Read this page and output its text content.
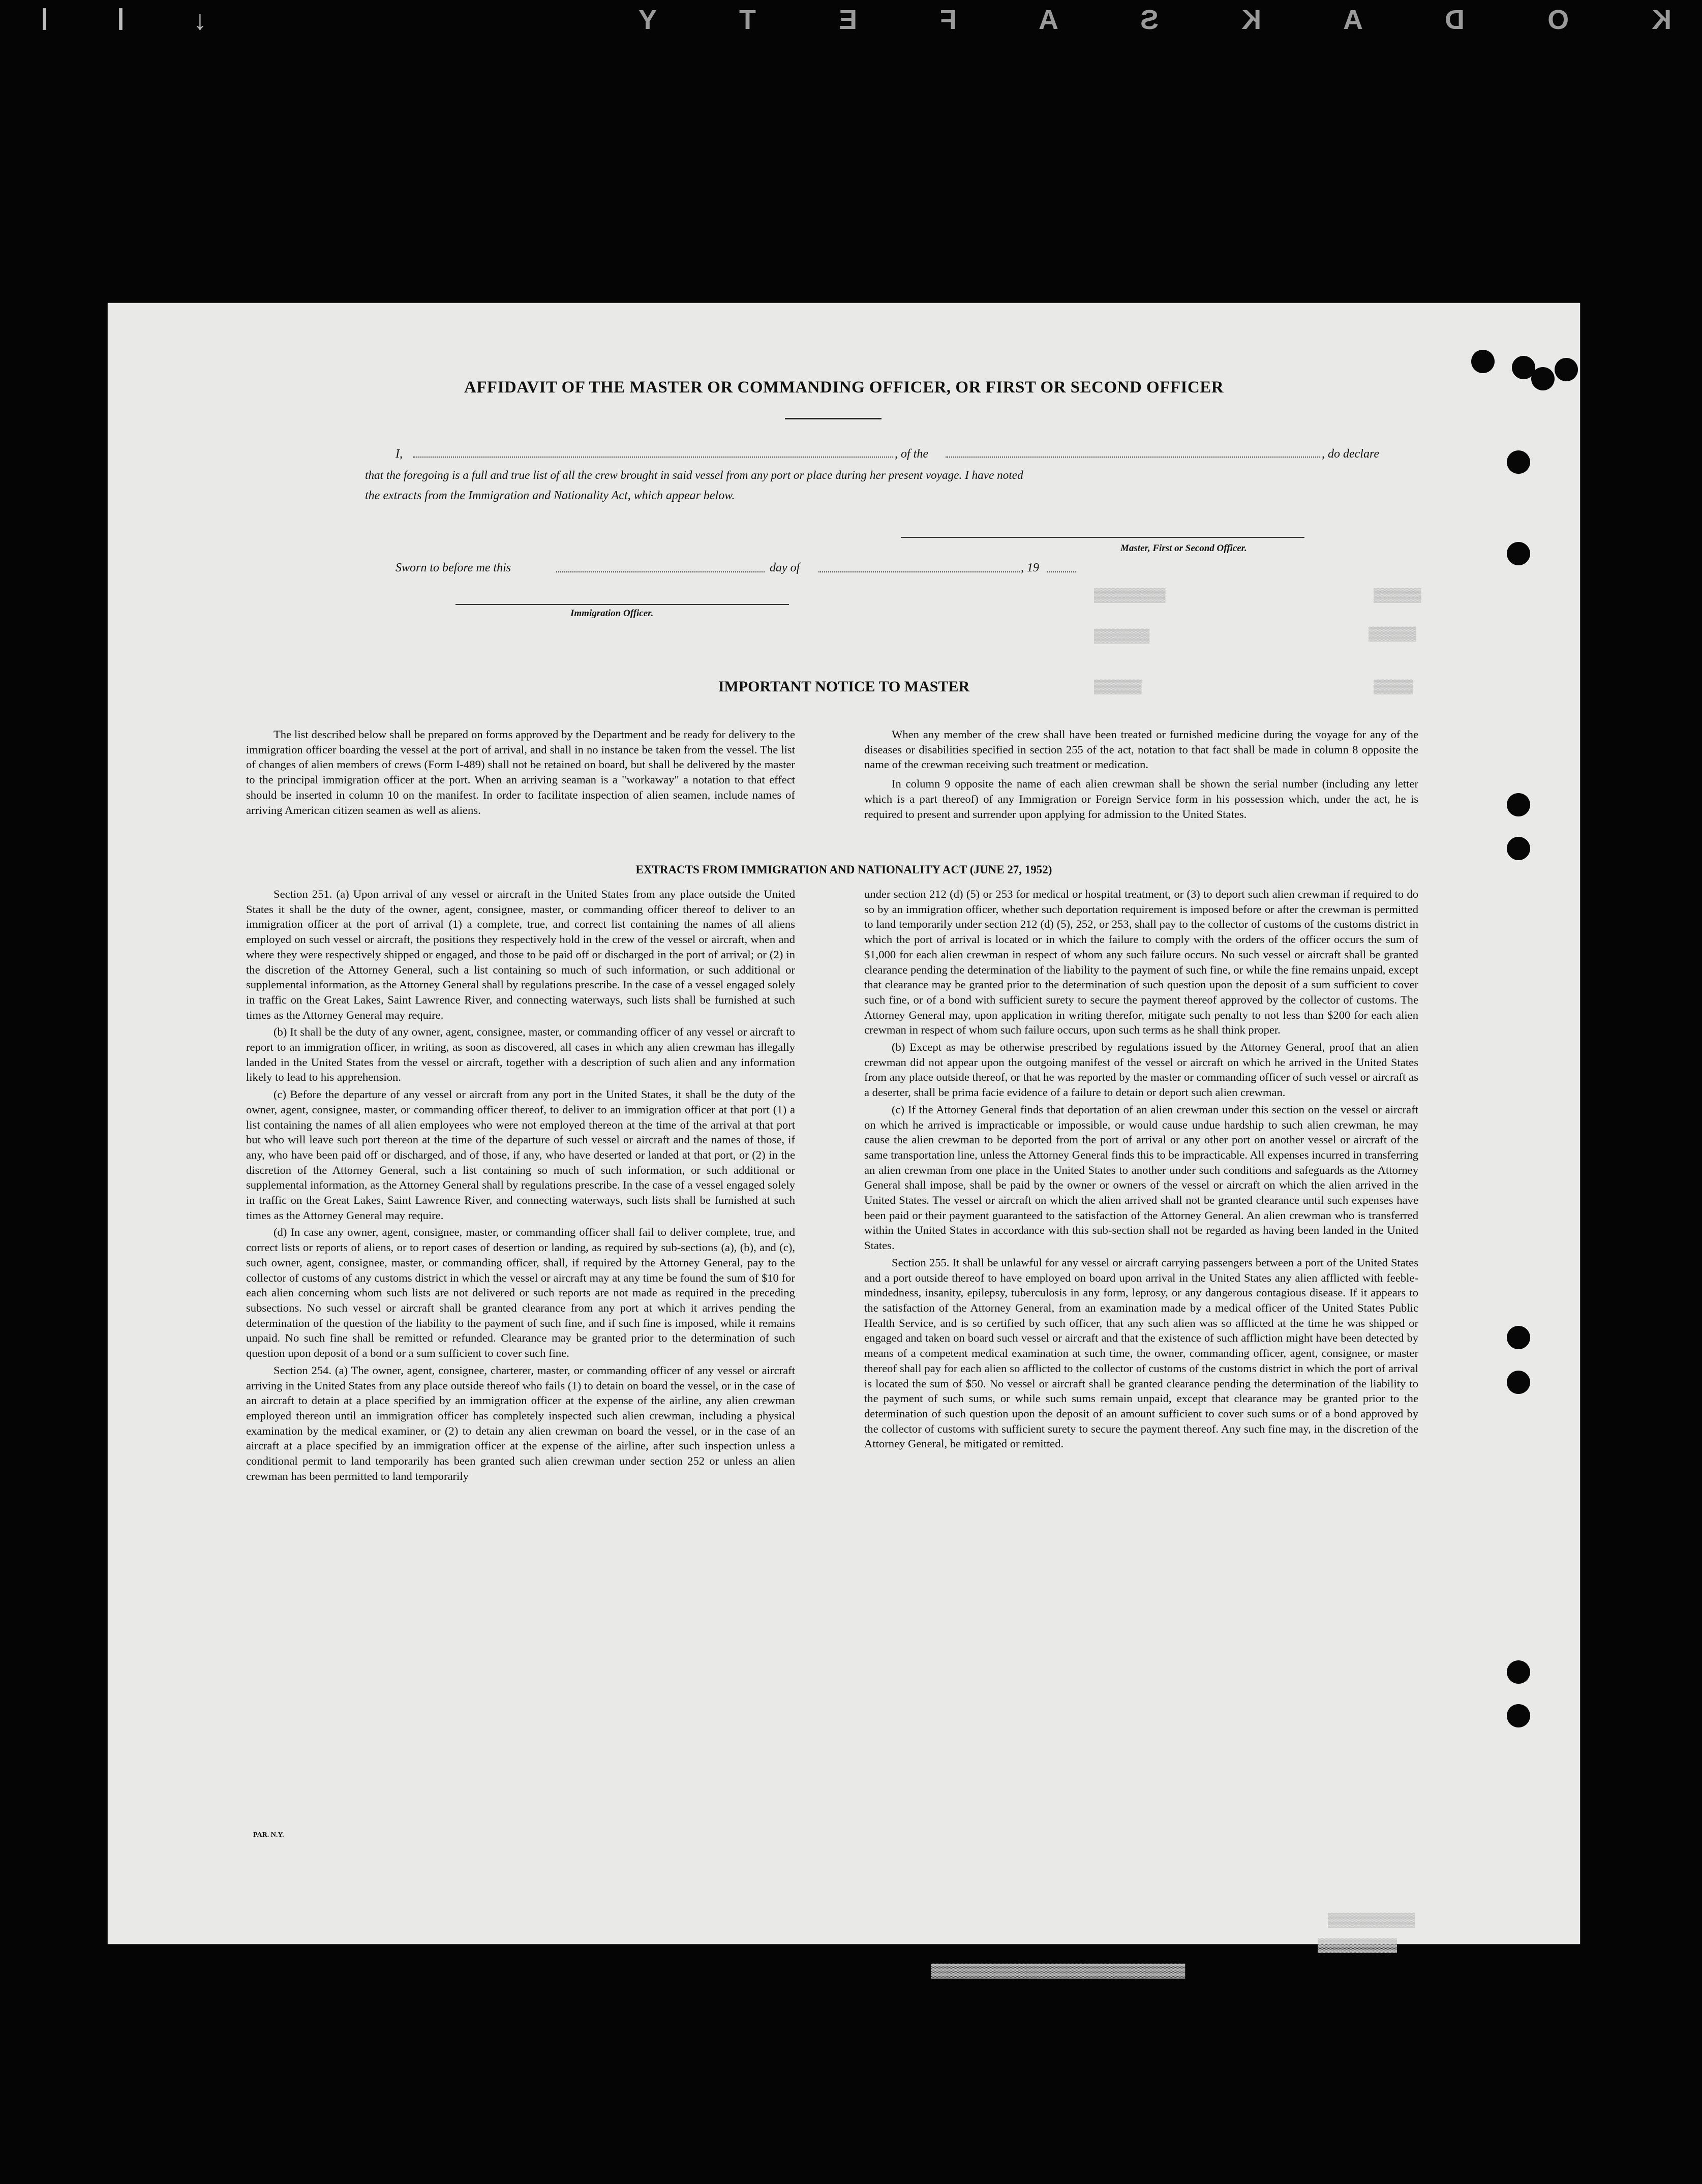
↓ ⅼ ⅼ	K O D A K S A F E T Y
AFFIDAVIT OF THE MASTER OR COMMANDING OFFICER, OR FIRST OR SECOND OFFICER
I,	, of the	, do declare
that the foregoing is a full and true list of all the crew brought in said vessel from any port or place during her present voyage. I have noted
the extracts from the Immigration and Nationality Act, which appear below.
Master, First or Second Officer.
Sworn to before me this	day of	, 19
Immigration Officer.
▓▓▓▓▓▓
▓▓▓▓▓▓
▓▓▓▓▓
▓▓▓▓▓▓▓▓▓
▓▓▓▓▓▓▓
▓▓▓▓▓▓
▓▓▓▓▓▓▓▓▓▓▓▓▓▓▓▓▓▓▓▓▓▓▓▓▓▓▓▓▓▓▓▓
▓▓▓▓▓▓▓▓▓▓▓
▓▓▓▓▓▓▓▓▓▓
IMPORTANT NOTICE TO MASTER

The list described below shall be prepared on forms approved by the Department and be ready for delivery to the immigration officer boarding the vessel at the port of arrival, and shall in no instance be taken from the vessel. The list of changes of alien members of crews (Form I-489) shall not be retained on board, but shall be delivered by the master to the principal immigration officer at the port. When an arriving seaman is a "workaway" a notation to that effect should be inserted in column 10 on the manifest. In order to facilitate inspection of alien seamen, include names of arriving American citizen seamen as well as aliens.

When any member of the crew shall have been treated or furnished medicine during the voyage for any of the diseases or disabilities specified in section 255 of the act, notation to that fact shall be made in column 8 opposite the name of the crewman receiving such treatment or medication.

In column 9 opposite the name of each alien crewman shall be shown the serial number (including any letter which is a part thereof) of any Immigration or Foreign Service form in his possession which, under the act, he is required to present and surrender upon applying for admission to the United States.

EXTRACTS FROM IMMIGRATION AND NATIONALITY ACT (JUNE 27, 1952)

Section 251. (a) Upon arrival of any vessel or aircraft in the United States from any place outside the United States it shall be the duty of the owner, agent, consignee, master, or commanding officer thereof to deliver to an immigration officer at the port of arrival (1) a complete, true, and correct list containing the names of all aliens employed on such vessel or aircraft, the positions they respectively hold in the crew of the vessel or aircraft, when and where they were respectively shipped or engaged, and those to be paid off or discharged in the port of arrival; or (2) in the discretion of the Attorney General, such a list containing so much of such information, or such additional or supplemental information, as the Attorney General shall by regulations prescribe. In the case of a vessel engaged solely in traffic on the Great Lakes, Saint Lawrence River, and connecting waterways, such lists shall be furnished at such times as the Attorney General may require.

(b) It shall be the duty of any owner, agent, consignee, master, or commanding officer of any vessel or aircraft to report to an immigration officer, in writing, as soon as discovered, all cases in which any alien crewman has illegally landed in the United States from the vessel or aircraft, together with a description of such alien and any information likely to lead to his apprehension.

(c) Before the departure of any vessel or aircraft from any port in the United States, it shall be the duty of the owner, agent, consignee, master, or commanding officer thereof, to deliver to an immigration officer at that port (1) a list containing the names of all alien employees who were not employed thereon at the time of the arrival at that port but who will leave such port thereon at the time of the departure of such vessel or aircraft and the names of those, if any, who have been paid off or discharged, and of those, if any, who have deserted or landed at that port, or (2) in the discretion of the Attorney General, such a list containing so much of such information, or such additional or supplemental information, as the Attorney General shall by regulations prescribe. In the case of a vessel engaged solely in traffic on the Great Lakes, Saint Lawrence River, and connecting waterways, such lists shall be furnished at such times as the Attorney General may require.

(d) In case any owner, agent, consignee, master, or commanding officer shall fail to deliver complete, true, and correct lists or reports of aliens, or to report cases of desertion or landing, as required by sub-sections (a), (b), and (c), such owner, agent, consignee, master, or commanding officer, shall, if required by the Attorney General, pay to the collector of customs of any customs district in which the vessel or aircraft may at any time be found the sum of $10 for each alien concerning whom such lists are not delivered or such reports are not made as required in the preceding subsections. No such vessel or aircraft shall be granted clearance from any port at which it arrives pending the determination of the question of the liability to the payment of such fine, and if such fine is imposed, while it remains unpaid. No such fine shall be remitted or refunded. Clearance may be granted prior to the determination of such question upon deposit of a bond or a sum sufficient to cover such fine.

Section 254. (a) The owner, agent, consignee, charterer, master, or commanding officer of any vessel or aircraft arriving in the United States from any place outside thereof who fails (1) to detain on board the vessel, or in the case of an aircraft to detain at a place specified by an immigration officer at the expense of the airline, any alien crewman employed thereon until an immigration officer has completely inspected such alien crewman, including a physical examination by the medical examiner, or (2) to detain any alien crewman on board the vessel, or in the case of an aircraft at a place specified by an immigration officer at the expense of the airline, after such inspection unless a conditional permit to land temporarily has been granted such alien crewman under section 252 or unless an alien crewman has been permitted to land temporarily

under section 212 (d) (5) or 253 for medical or hospital treatment, or (3) to deport such alien crewman if required to do so by an immigration officer, whether such deportation requirement is imposed before or after the crewman is permitted to land temporarily under section 212 (d) (5), 252, or 253, shall pay to the collector of customs of the customs district in which the port of arrival is located or in which the failure to comply with the orders of the officer occurs the sum of $1,000 for each alien crewman in respect of whom any such failure occurs. No such vessel or aircraft shall be granted clearance pending the determination of the liability to the payment of such fine, or while the fine remains unpaid, except that clearance may be granted prior to the determination of such question upon the deposit of a sum sufficient to cover such fine, or of a bond with sufficient surety to secure the payment thereof approved by the collector of customs. The Attorney General may, upon application in writing therefor, mitigate such penalty to not less than $200 for each alien crewman in respect of whom such failure occurs, upon such terms as he shall think proper.

(b) Except as may be otherwise prescribed by regulations issued by the Attorney General, proof that an alien crewman did not appear upon the outgoing manifest of the vessel or aircraft on which he arrived in the United States from any place outside thereof, or that he was reported by the master or commanding officer of such vessel or aircraft as a deserter, shall be prima facie evidence of a failure to detain or deport such alien crewman.

(c) If the Attorney General finds that deportation of an alien crewman under this section on the vessel or aircraft on which he arrived is impracticable or impossible, or would cause undue hardship to such alien crewman, he may cause the alien crewman to be deported from the port of arrival or any other port on another vessel or aircraft of the same transportation line, unless the Attorney General finds this to be impracticable. All expenses incurred in transferring an alien crewman from one place in the United States to another under such conditions and safeguards as the Attorney General shall impose, shall be paid by the owner or owners of the vessel or aircraft on which the alien arrived in the United States. The vessel or aircraft on which the alien arrived shall not be granted clearance until such expenses have been paid or their payment guaranteed to the satisfaction of the Attorney General. An alien crewman who is transferred within the United States in accordance with this sub-section shall not be regarded as having been landed in the United States.

Section 255. It shall be unlawful for any vessel or aircraft carrying passengers between a port of the United States and a port outside thereof to have employed on board upon arrival in the United States any alien afflicted with feeble-mindedness, insanity, epilepsy, tuberculosis in any form, leprosy, or any dangerous contagious disease. If it appears to the satisfaction of the Attorney General, from an examination made by a medical officer of the United States Public Health Service, and is so certified by such officer, that any such alien was so afflicted at the time he was shipped or engaged and taken on board such vessel or aircraft and that the existence of such affliction might have been detected by means of a competent medical examination at such time, the owner, commanding officer, agent, consignee, or master thereof shall pay for each alien so afflicted to the collector of customs of the customs district in which the port of arrival is located the sum of $50. No vessel or aircraft shall be granted clearance pending the determination of the liability to the payment of such sums, or while such sums remain unpaid, except that clearance may be granted prior to the determination of such question upon the deposit of an amount sufficient to cover such sums or of a bond approved by the collector of customs with sufficient surety to secure the payment thereof. Any such fine may, in the discretion of the Attorney General, be mitigated or remitted.

PAR. N.Y.
